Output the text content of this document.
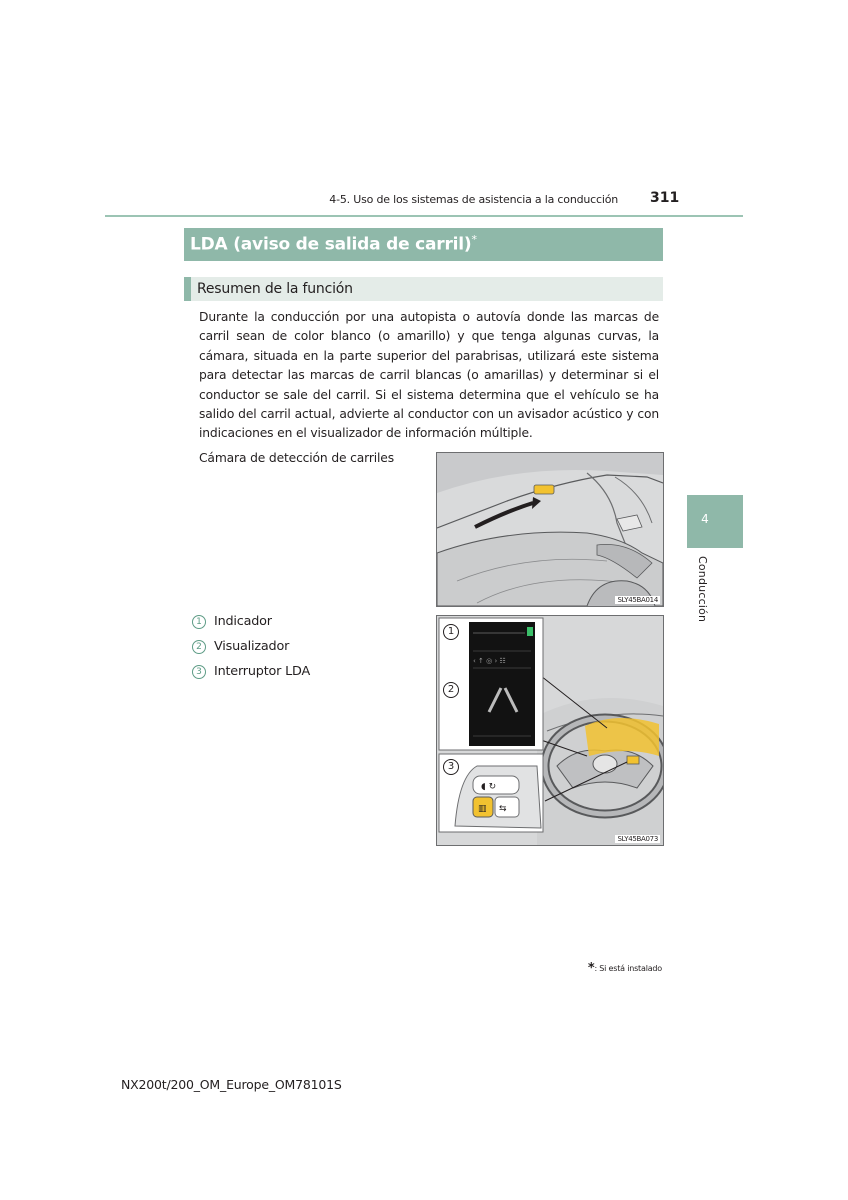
4-5. Uso de los sistemas de asistencia a la conducción 311
LDA (aviso de salida de carril)*
Resumen de la función
Durante la conducción por una autopista o autovía donde las marcas de carril sean de color blanco (o amarillo) y que tenga algunas curvas, la cámara, situada en la parte superior del parabrisas, utilizará este sistema para detectar las marcas de carril blancas (o amarillas) y determinar si el conductor se sale del carril. Si el sistema determina que el vehículo se ha salido del carril actual, advierte al conductor con un avisador acústico y con indicaciones en el visualizador de información múltiple.
Cámara de detección de carriles
SLY45BA014
1 Indicador
2 Visualizador
3 Interruptor LDA
‹ ↑ ◎ › ☷
◖ ↻
▥ ⇆
1
2
3
SLY45BA073
4
Conducción
*: Si está instalado
NX200t/200_OM_Europe_OM78101S
